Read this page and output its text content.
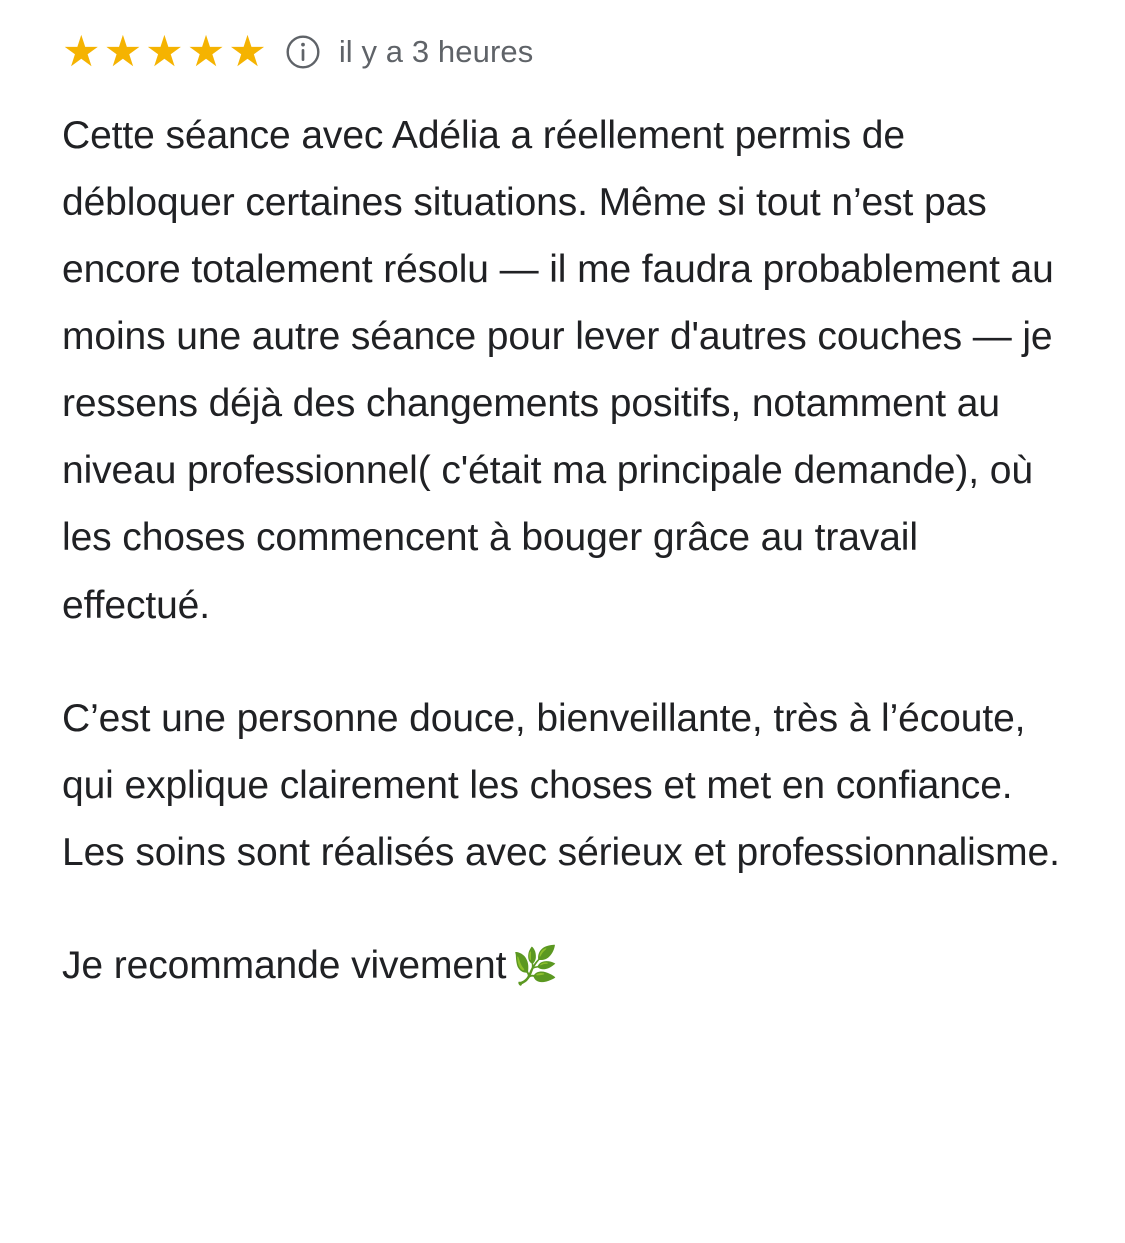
★ ★ ★ ★ ★ il y a 3 heures

Cette séance avec Adélia a réellement permis de débloquer certaines situations. Même si tout n’est pas encore totalement résolu — il me faudra probablement au moins une autre séance pour lever d'autres couches — je ressens déjà des changements positifs, notamment au niveau professionnel( c'était ma principale demande), où les choses commencent à bouger grâce au travail effectué.

C’est une personne douce, bienveillante, très à l’écoute, qui explique clairement les choses et met en confiance. Les soins sont réalisés avec sérieux et professionnalisme.

Je recommande vivement 🌿
